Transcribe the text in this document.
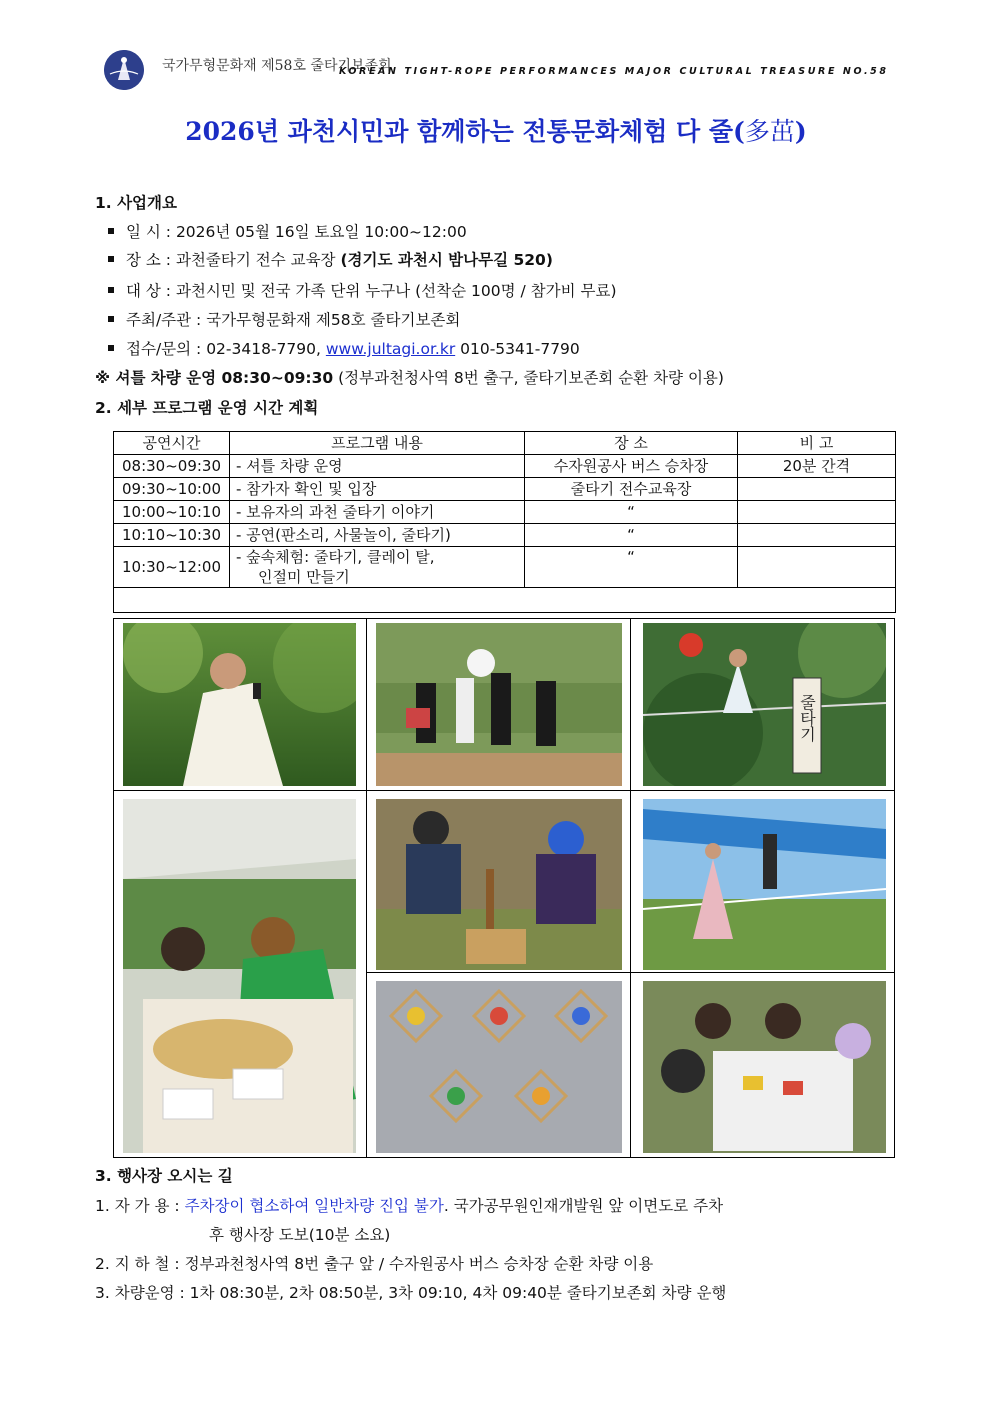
국가무형문화재 제58호 줄타기보존회
KOREAN TIGHT-ROPE PERFORMANCES MAJOR CULTURAL TREASURE NO.58
2026년 과천시민과 함께하는 전통문화체험 다 줄(多茁)
1. 사업개요
일 시 : 2026년 05월 16일 토요일 10:00~12:00
장 소 : 과천줄타기 전수 교육장 (경기도 과천시 밤나무길 520)
대 상 : 과천시민 및 전국 가족 단위 누구나 (선착순 100명 / 참가비 무료)
주최/주관 : 국가무형문화재 제58호 줄타기보존회
접수/문의 : 02-3418-7790, www.jultagi.or.kr 010-5341-7790
※ 셔틀 차량 운영 08:30~09:30 (정부과천청사역 8번 출구, 줄타기보존회 순환 차량 이용)
2. 세부 프로그램 운영 시간 계획
공연시간	프로그램 내용	장 소	비 고
08:30~09:30	- 셔틀 차량 운영	수자원공사 버스 승차장	20분 간격
09:30~10:00	- 참가자 확인 및 입장	줄타기 전수교육장	
10:00~10:10	- 보유자의 과천 줄타기 이야기	“	
10:10~10:30	- 공연(판소리, 사물놀이, 줄타기)	“	
10:30~12:00	- 숲속체험: 줄타기, 클레이 탈,
인절미 만들기	“	

줄타기
3. 행사장 오시는 길
1. 자 가 용 : 주차장이 협소하여 일반차량 진입 불가. 국가공무원인재개발원 앞 이면도로 주차
후 행사장 도보(10분 소요)
2. 지 하 철 : 정부과천청사역 8번 출구 앞 / 수자원공사 버스 승차장 순환 차량 이용
3. 차량운영 : 1차 08:30분, 2차 08:50분, 3차 09:10, 4차 09:40분 줄타기보존회 차량 운행
